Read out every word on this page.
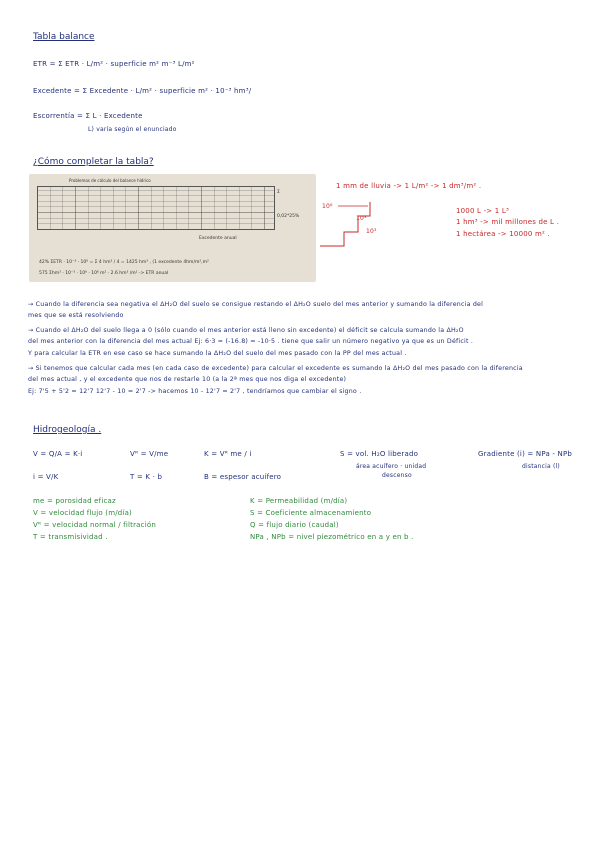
Tabla balance
ETR = Σ ETR · L/m² · superficie m² m⁻³ L/m²
Excedente = Σ Excedente · L/m² · superficie m² · 10⁻³ hm³/
Escorrentía = Σ L · Excedente
L) varía según el enunciado
¿Cómo completar la tabla?
Problemas de cálculo del balance hídrico
42% ΣETR · 10⁻³ · 10⁶ = Σ 4 hm³ / 4 = 1425 hm³ , (1 excedente 4hm/m²,m²
575 Σhm³ · 10⁻³ · 10⁶ · 10⁶ m² · 2.6 hm³ /m² -> ETR anual
Σ
0,02*25%
Excedente anual
1 mm de lluvia -> 1 L/m² -> 1 dm³/m² .
10⁶
10³
10³
1000 L -> 1 L³
1 hm³ -> mil millones de L .
1 hectárea -> 10000 m² .
→ Cuando la diferencia sea negativa el ΔH₂O del suelo se consigue restando el ΔH₂O suelo del mes anterior y sumando la diferencia del
mes que se está resolviendo
→ Cuando el ΔH₂O del suelo llega a 0 (sólo cuando el mes anterior está lleno sin excedente) el déficit se calcula sumando la ΔH₂O
del mes anterior con la diferencia del mes actual Ej: 6·3 = (-16.8) = -10·5 . tiene que salir un número negativo ya que es un Déficit .
Y para calcular la ETR en ese caso se hace sumando la ΔH₂O del suelo del mes pasado con la PP del mes actual .
→ Si tenemos que calcular cada mes (en cada caso de excedente) para calcular el excedente es sumando la ΔH₂O del mes pasado con la diferencia
del mes actual , y el excedente que nos de restarle 10 (a la 2ª mes que nos diga el excedente)
Ej: 7'5 + 5'2 = 12'7 12'7 - 10 = 2'7 -> hacemos 10 - 12'7 = 2'7 , tendríamos que cambiar el signo .
Hidrogeología .
V = Q/A = K·i	Vᴿ = V/me	K = Vᴿ me / i	S = vol. H₂O liberado
área acuífero · unidad
descenso
Gradiente (i) = NPa - NPb
distancia (l)
i = V/K	T = K · b	B = espesor acuífero
me = porosidad eficaz
V = velocidad flujo (m/día)
Vᴿ = velocidad normal / filtración
T = transmisividad .
K = Permeabilidad (m/día)
S = Coeficiente almacenamiento
Q = flujo diario (caudal)
NPa , NPb = nivel piezométrico en a y en b .
